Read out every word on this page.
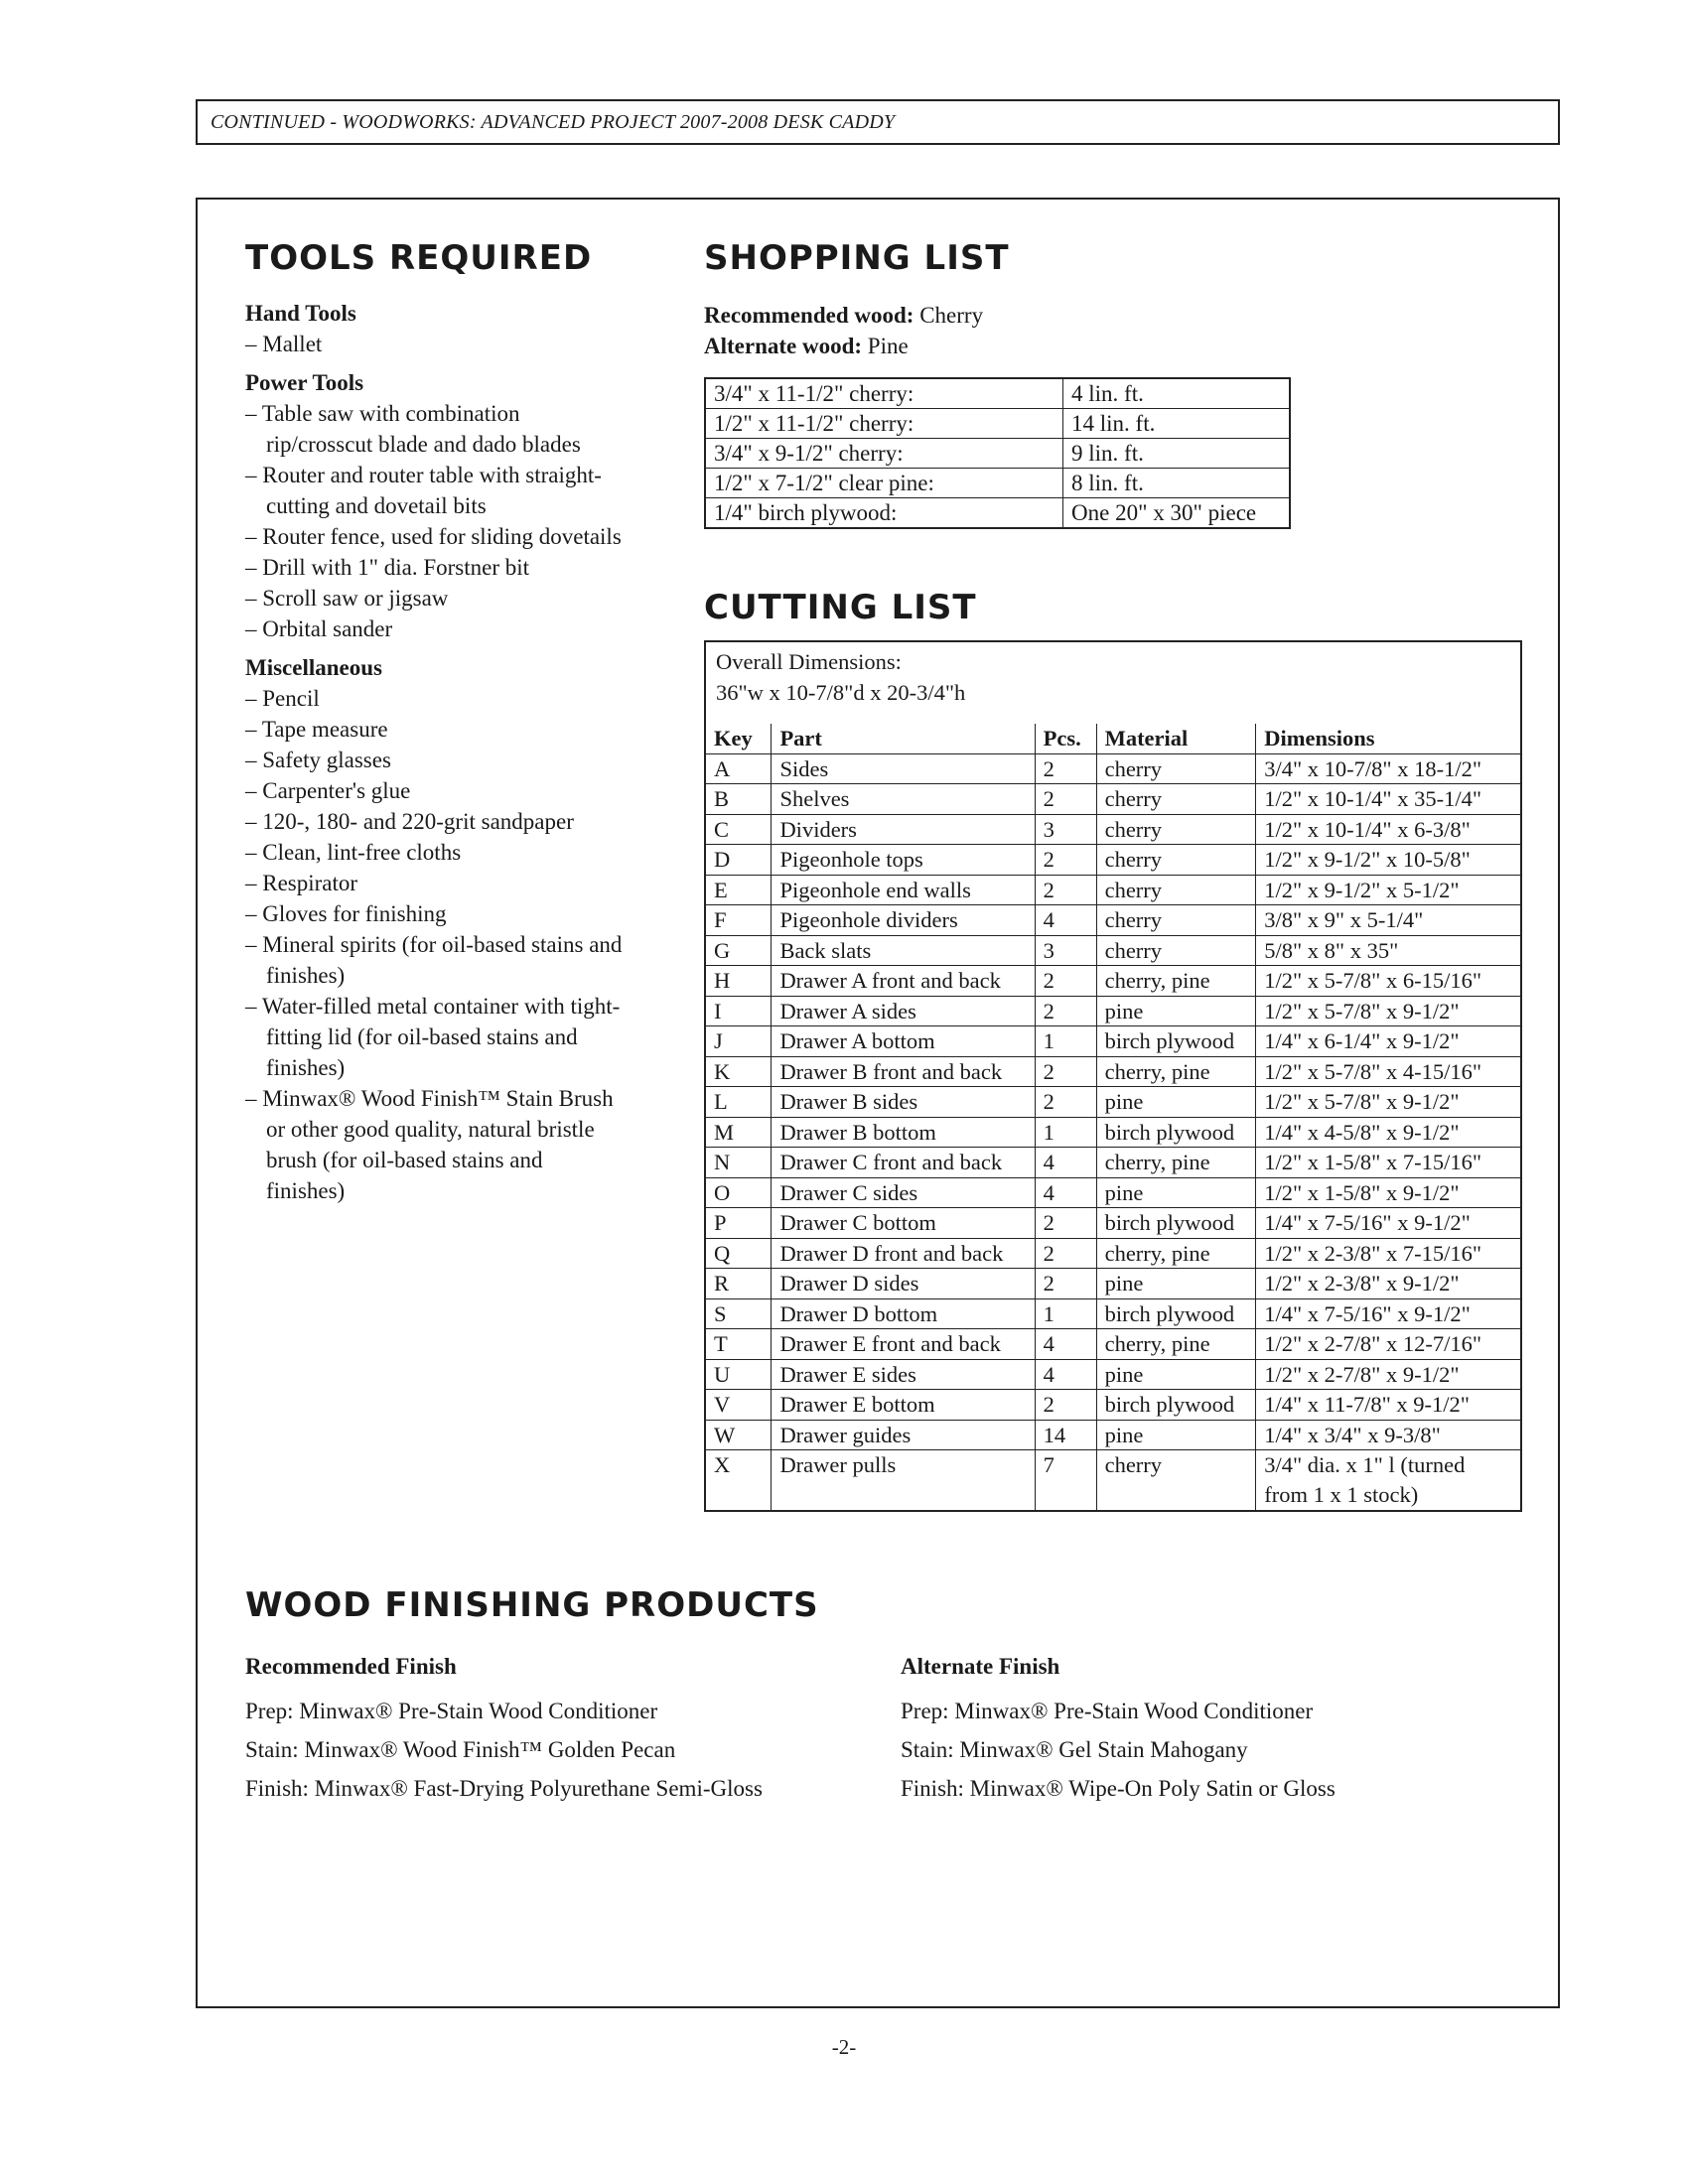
CONTINUED - WOODWORKS: ADVANCED PROJECT 2007-2008 DESK CADDY
TOOLS REQUIRED
Hand Tools
– Mallet
Power Tools
– Table saw with combination rip/crosscut blade and dado blades
– Router and router table with straight-cutting and dovetail bits
– Router fence, used for sliding dovetails
– Drill with 1" dia. Forstner bit
– Scroll saw or jigsaw
– Orbital sander
Miscellaneous
– Pencil
– Tape measure
– Safety glasses
– Carpenter's glue
– 120-, 180- and 220-grit sandpaper
– Clean, lint-free cloths
– Respirator
– Gloves for finishing
– Mineral spirits (for oil-based stains and finishes)
– Water-filled metal container with tight-fitting lid (for oil-based stains and finishes)
– Minwax® Wood Finish™ Stain Brush or other good quality, natural bristle brush (for oil-based stains and finishes)
SHOPPING LIST
Recommended wood: Cherry
Alternate wood: Pine
3/4" x 11-1/2" cherry:	4 lin. ft.
1/2" x 11-1/2" cherry:	14 lin. ft.
3/4" x 9-1/2" cherry:	9 lin. ft.
1/2" x 7-1/2" clear pine:	8 lin. ft.
1/4" birch plywood:	One 20" x 30" piece
CUTTING LIST
Overall Dimensions:
36"w x 10-7/8"d x 20-3/4"h				

Key	Part	Pcs.	Material	Dimensions
A	Sides	2	cherry	3/4" x 10-7/8" x 18-1/2"
B	Shelves	2	cherry	1/2" x 10-1/4" x 35-1/4"
C	Dividers	3	cherry	1/2" x 10-1/4" x 6-3/8"
D	Pigeonhole tops	2	cherry	1/2" x 9-1/2" x 10-5/8"
E	Pigeonhole end walls	2	cherry	1/2" x 9-1/2" x 5-1/2"
F	Pigeonhole dividers	4	cherry	3/8" x 9" x 5-1/4"
G	Back slats	3	cherry	5/8" x 8" x 35"
H	Drawer A front and back	2	cherry, pine	1/2" x 5-7/8" x 6-15/16"
I	Drawer A sides	2	pine	1/2" x 5-7/8" x 9-1/2"
J	Drawer A bottom	1	birch plywood	1/4" x 6-1/4" x 9-1/2"
K	Drawer B front and back	2	cherry, pine	1/2" x 5-7/8" x 4-15/16"
L	Drawer B sides	2	pine	1/2" x 5-7/8" x 9-1/2"
M	Drawer B bottom	1	birch plywood	1/4" x 4-5/8" x 9-1/2"
N	Drawer C front and back	4	cherry, pine	1/2" x 1-5/8" x 7-15/16"
O	Drawer C sides	4	pine	1/2" x 1-5/8" x 9-1/2"
P	Drawer C bottom	2	birch plywood	1/4" x 7-5/16" x 9-1/2"
Q	Drawer D front and back	2	cherry, pine	1/2" x 2-3/8" x 7-15/16"
R	Drawer D sides	2	pine	1/2" x 2-3/8" x 9-1/2"
S	Drawer D bottom	1	birch plywood	1/4" x 7-5/16" x 9-1/2"
T	Drawer E front and back	4	cherry, pine	1/2" x 2-7/8" x 12-7/16"
U	Drawer E sides	4	pine	1/2" x 2-7/8" x 9-1/2"
V	Drawer E bottom	2	birch plywood	1/4" x 11-7/8" x 9-1/2"
W	Drawer guides	14	pine	1/4" x 3/4" x 9-3/8"
X	Drawer pulls	7	cherry	3/4" dia. x 1" l (turned from 1 x 1 stock)
WOOD FINISHING PRODUCTS
Recommended Finish
Prep: Minwax® Pre-Stain Wood Conditioner
Stain: Minwax® Wood Finish™ Golden Pecan
Finish: Minwax® Fast-Drying Polyurethane Semi-Gloss
Alternate Finish
Prep: Minwax® Pre-Stain Wood Conditioner
Stain: Minwax® Gel Stain Mahogany
Finish: Minwax® Wipe-On Poly Satin or Gloss
-2-
